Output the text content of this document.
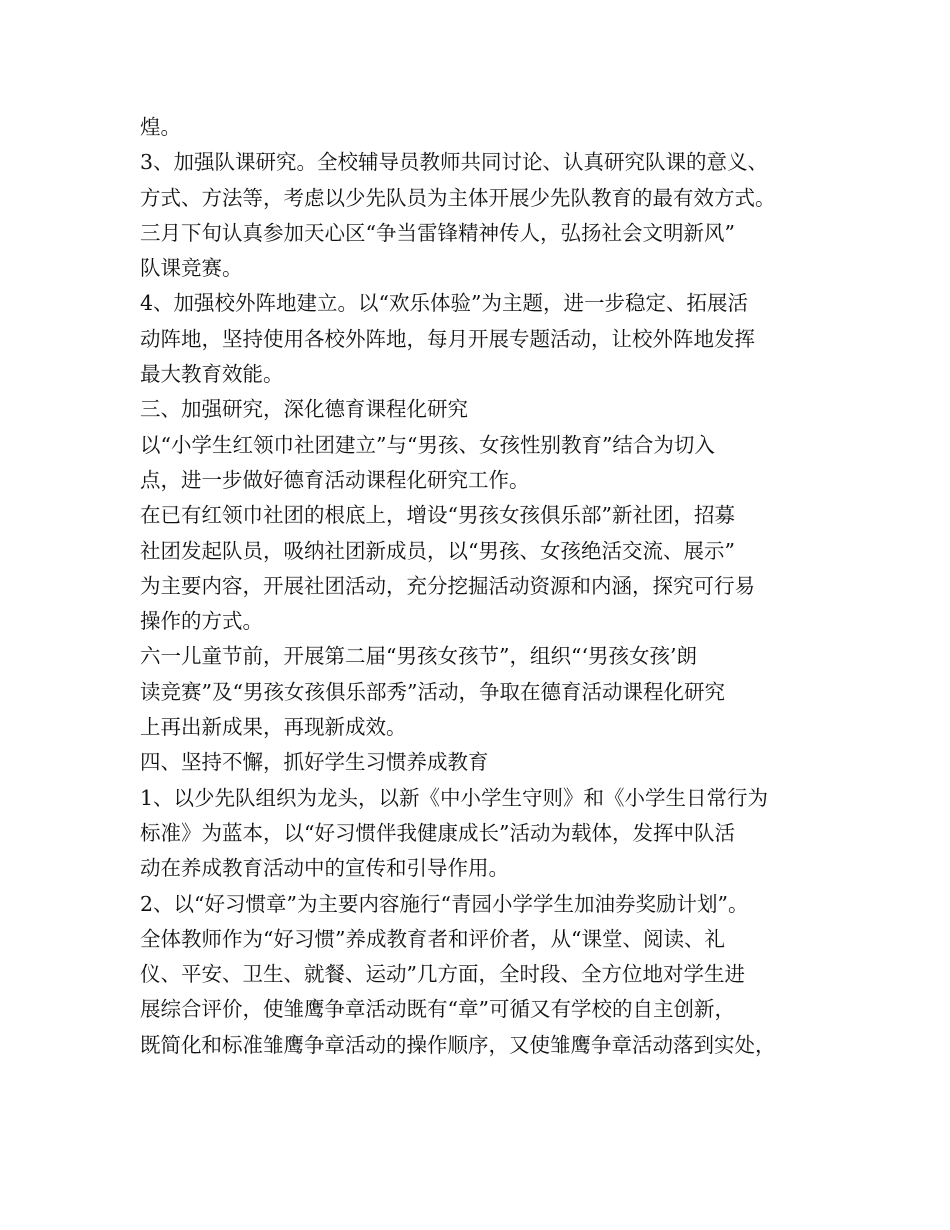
煌。
3、加强队课研究。全校辅导员教师共同讨论、认真研究队课的意义、
方式、方法等，考虑以少先队员为主体开展少先队教育的最有效方式。
三月下旬认真参加天心区“争当雷锋精神传人，弘扬社会文明新风”
队课竞赛。
4、加强校外阵地建立。以“欢乐体验”为主题，进一步稳定、拓展活
动阵地，坚持使用各校外阵地，每月开展专题活动，让校外阵地发挥
最大教育效能。
三、加强研究，深化德育课程化研究
以“小学生红领巾社团建立”与“男孩、女孩性别教育”结合为切入
点，进一步做好德育活动课程化研究工作。
在已有红领巾社团的根底上，增设“男孩女孩俱乐部”新社团，招募
社团发起队员，吸纳社团新成员，以“男孩、女孩绝活交流、展示”
为主要内容，开展社团活动，充分挖掘活动资源和内涵，探究可行易
操作的方式。
六一儿童节前，开展第二届“男孩女孩节”，组织“‘男孩女孩’朗
读竞赛”及“男孩女孩俱乐部秀”活动，争取在德育活动课程化研究
上再出新成果，再现新成效。
四、坚持不懈，抓好学生习惯养成教育
1、以少先队组织为龙头，以新《中小学生守则》和《小学生日常行为
标准》为蓝本，以“好习惯伴我健康成长”活动为载体，发挥中队活
动在养成教育活动中的宣传和引导作用。
2、以“好习惯章”为主要内容施行“青园小学学生加油券奖励计划”。
全体教师作为“好习惯”养成教育者和评价者，从“课堂、阅读、礼
仪、平安、卫生、就餐、运动”几方面，全时段、全方位地对学生进
展综合评价，使雏鹰争章活动既有“章”可循又有学校的自主创新，
既简化和标准雏鹰争章活动的操作顺序，又使雏鹰争章活动落到实处，
